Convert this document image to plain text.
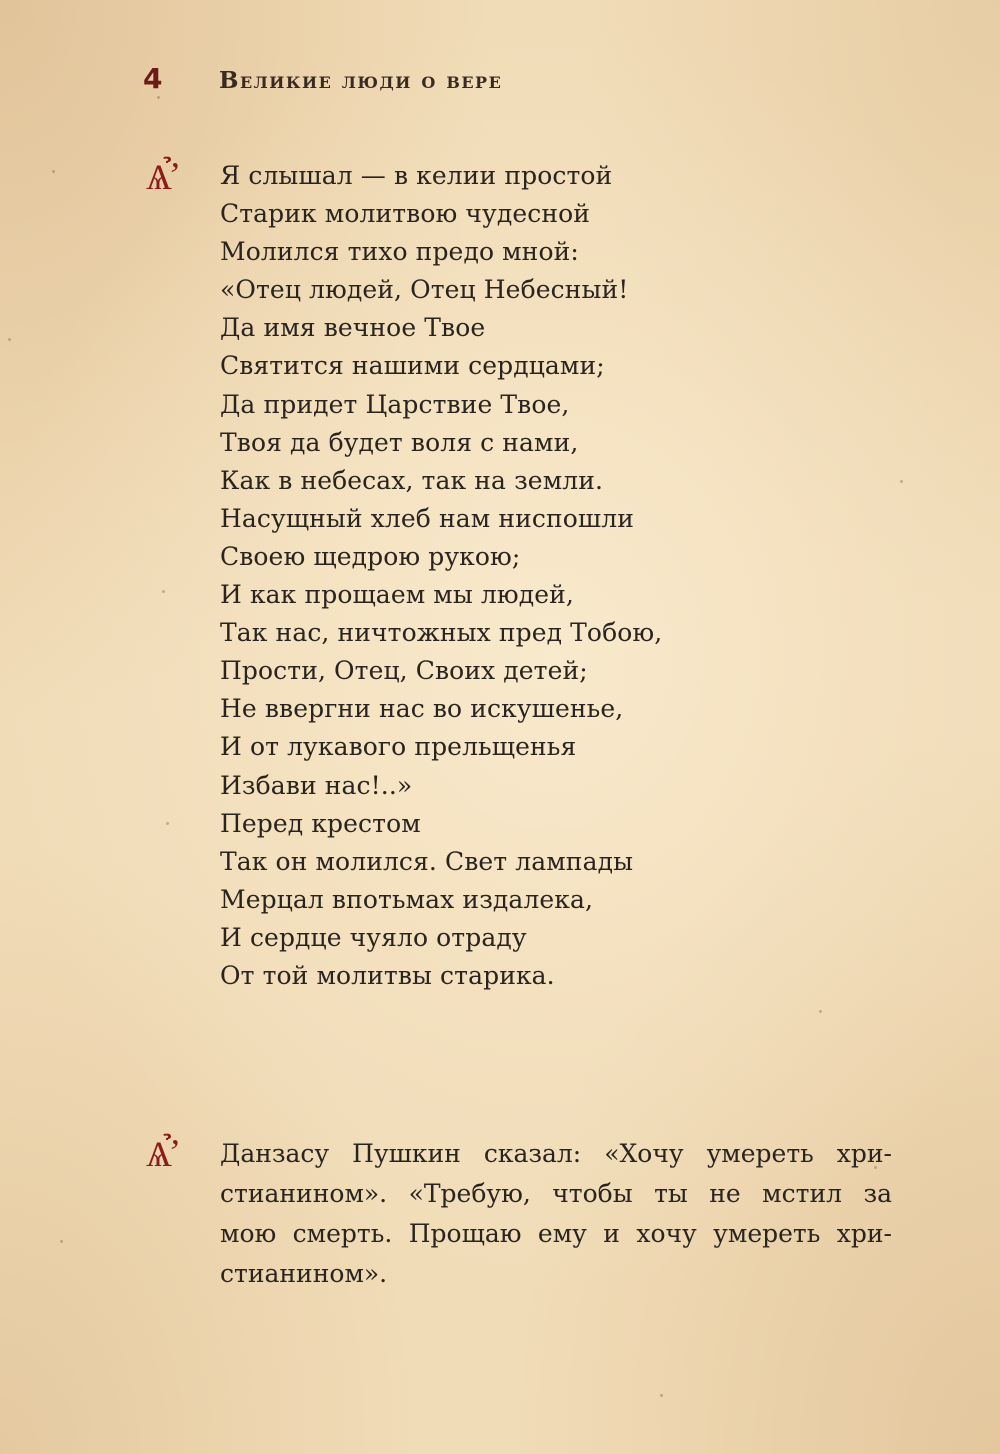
4 Великие люди о вере
Ѧ̛̉ Я слышал — в келии простой
Старик молитвою чудесной
Молился тихо предо мной:
«Отец людей, Отец Небесный!
Да имя вечное Твое
Святится нашими сердцами;
Да придет Царствие Твое,
Твоя да будет воля с нами,
Как в небесах, так на земли.
Насущный хлеб нам ниспошли
Своею щедрою рукою;
И как прощаем мы людей,
Так нас, ничтожных пред Тобою,
Прости, Отец, Своих детей;
Не ввергни нас во искушенье,
И от лукавого прельщенья
Избави нас!..»
Перед крестом
Так он молился. Свет лампады
Мерцал впотьмах издалека,
И сердце чуяло отраду
От той молитвы старика.
Ѧ̛̉ Данзасу Пушкин сказал: «Хочу умереть хри-
стианином». «Требую, чтобы ты не мстил за
мою смерть. Прощаю ему и хочу умереть хри-
стианином».
